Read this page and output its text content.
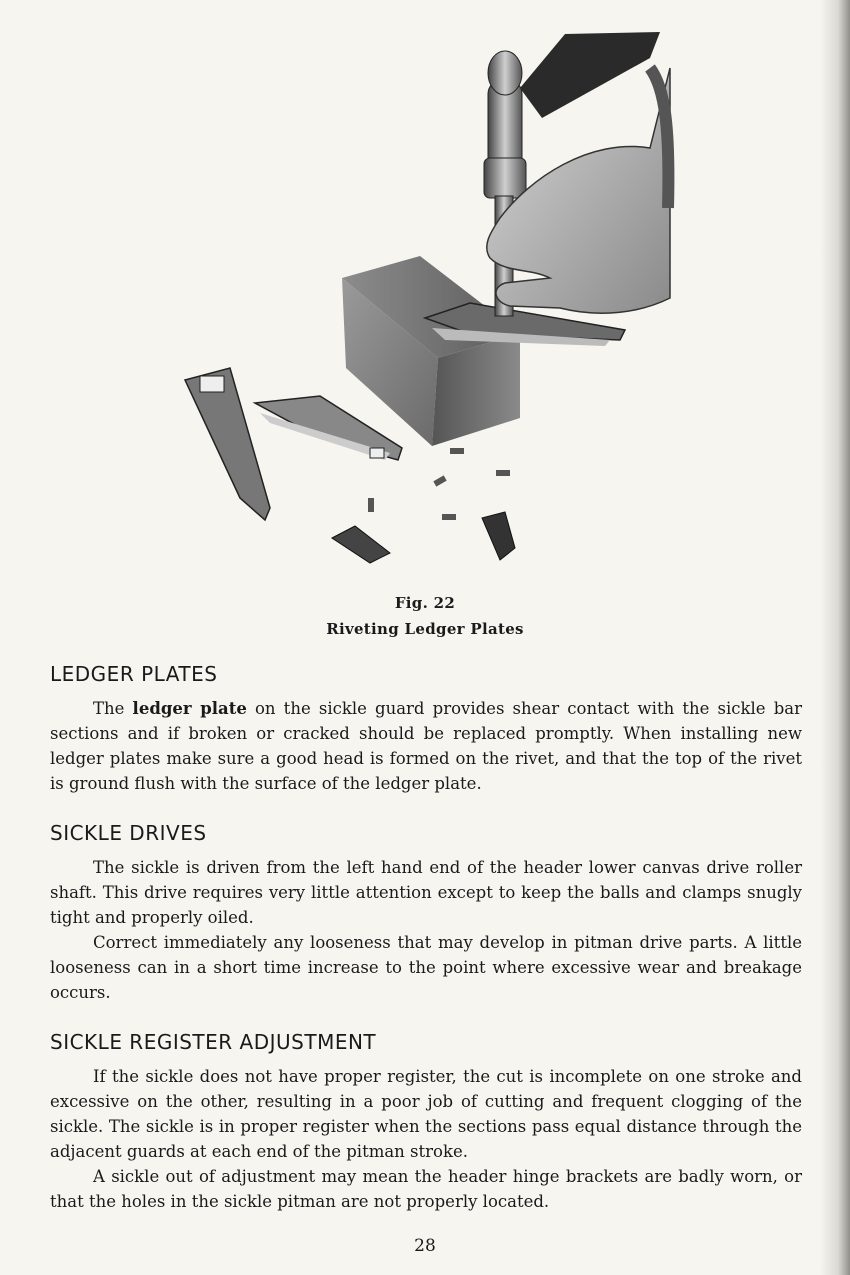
Fig. 22
Riveting Ledger Plates
LEDGER PLATES

The ledger plate on the sickle guard provides shear contact with the sickle bar sections and if broken or cracked should be replaced promptly. When installing new ledger plates make sure a good head is formed on the rivet, and that the top of the rivet is ground flush with the surface of the ledger plate.

SICKLE DRIVES

The sickle is driven from the left hand end of the header lower canvas drive roller shaft. This drive requires very little attention except to keep the balls and clamps snugly tight and properly oiled.

Correct immediately any looseness that may develop in pitman drive parts. A little looseness can in a short time increase to the point where excessive wear and breakage occurs.

SICKLE REGISTER ADJUSTMENT

If the sickle does not have proper register, the cut is incomplete on one stroke and excessive on the other, resulting in a poor job of cutting and frequent clogging of the sickle. The sickle is in proper register when the sections pass equal distance through the adjacent guards at each end of the pitman stroke.

A sickle out of adjustment may mean the header hinge brackets are badly worn, or that the holes in the sickle pitman are not properly located.

28
